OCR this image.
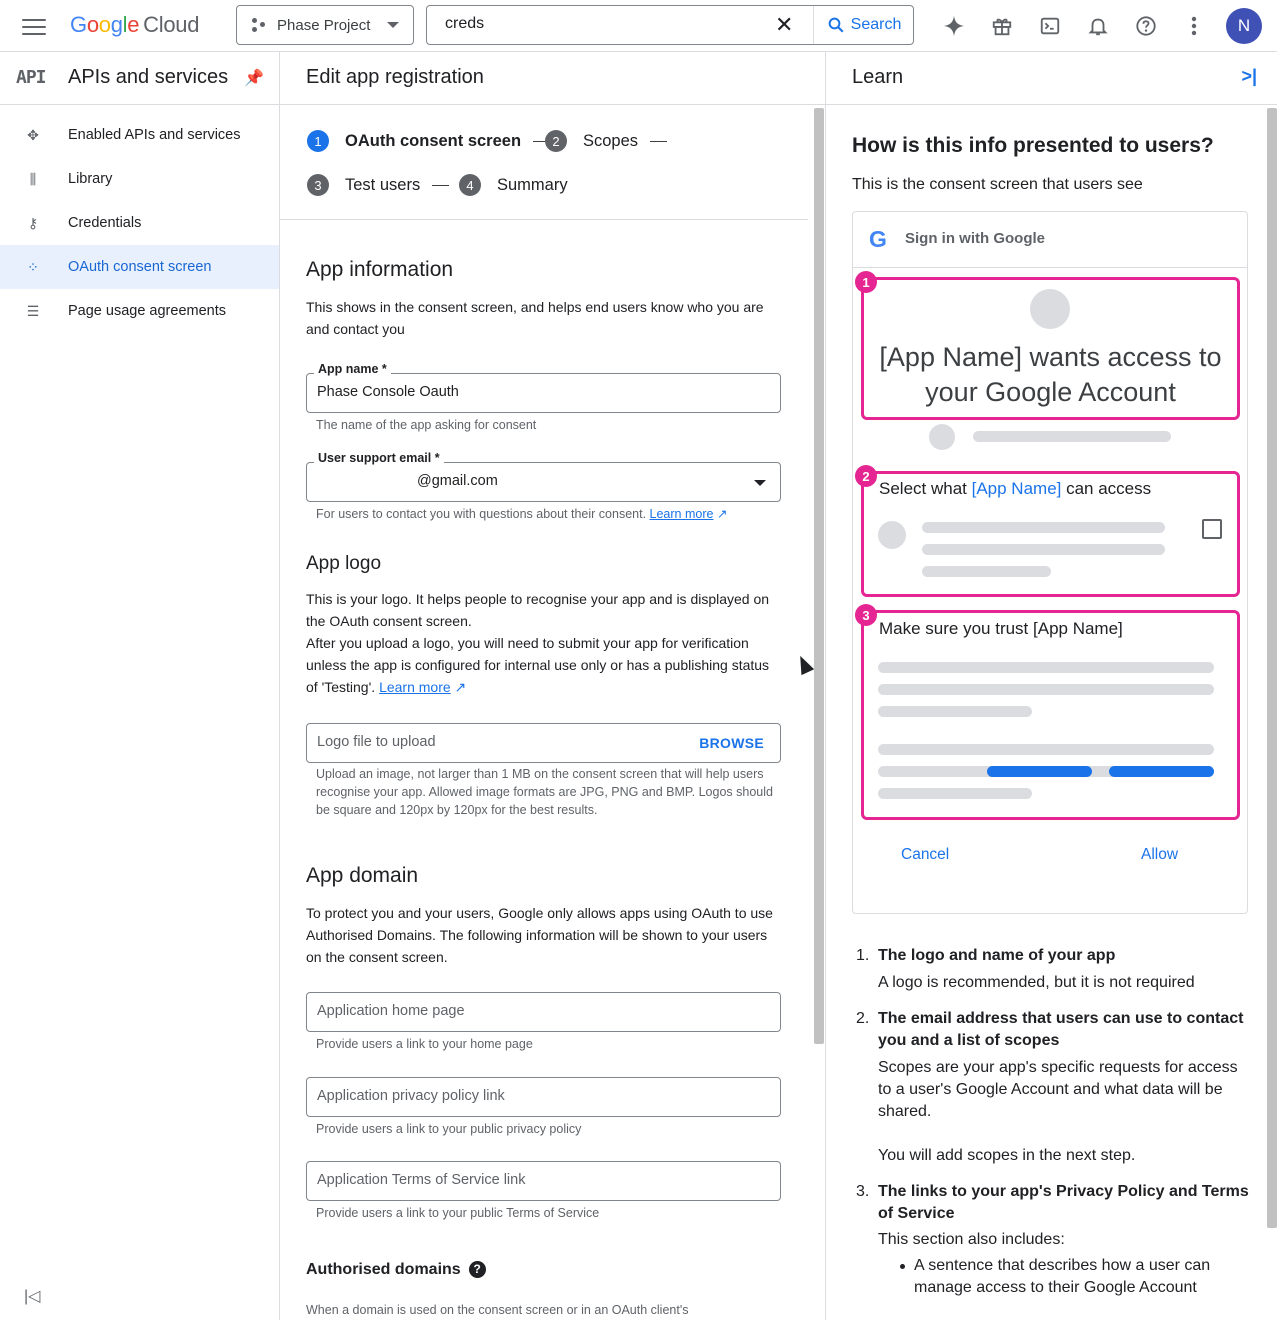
Google Cloud	Phase Project
creds	✕	Search	N
API APIs and services 📌
✥ Enabled APIs and services
⫼	Library
⚷ Credentials
⁘ OAuth consent screen
☰ Page usage agreements
|◁
Edit app registration
1	OAuth consent screen	2	Scopes
3	Test users	4	Summary
App information
This shows in the consent screen, and helps end users know who you are and contact you
App name *
Phase Console Oauth
The name of the app asking for consent
User support email *
@gmail.com
For users to contact you with questions about their consent. Learn more ↗
App logo
This is your logo. It helps people to recognise your app and is displayed on the OAuth consent screen.
After you upload a logo, you will need to submit your app for verification unless the app is configured for internal use only or has a publishing status of 'Testing'. Learn more ↗
Logo file to upload	BROWSE
Upload an image, not larger than 1 MB on the consent screen that will help users recognise your app. Allowed image formats are JPG, PNG and BMP. Logos should be square and 120px by 120px for the best results.
App domain
To protect you and your users, Google only allows apps using OAuth to use Authorised Domains. The following information will be shown to your users on the consent screen.
Application home page
Provide users a link to your home page
Application privacy policy link
Provide users a link to your public privacy policy
Application Terms of Service link
Provide users a link to your public Terms of Service
Authorised domains ?
When a domain is used on the consent screen or in an OAuth client's
Learn	>|
How is this info presented to users?
This is the consent screen that users see
G Sign in with Google
1
[App Name] wants access to your Google Account
2
Select what [App Name] can access
3
Make sure you trust [App Name]
Cancel	Allow
1. The logo and name of your app
A logo is recommended, but it is not required
2. The email address that users can use to contact you and a list of scopes
Scopes are your app's specific requests for access to a user's Google Account and what data will be shared.
You will add scopes in the next step.
3. The links to your app's Privacy Policy and Terms of Service
This section also includes:
A sentence that describes how a user can manage access to their Google Account
